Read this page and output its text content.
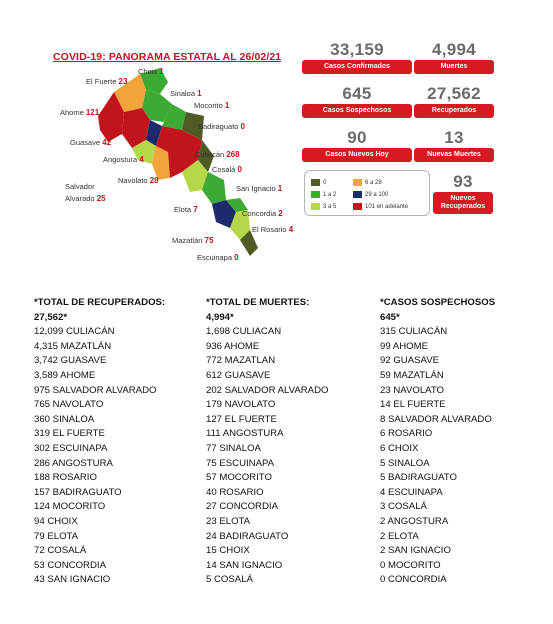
COVID-19: PANORAMA ESTATAL AL 26/02/21
Choix 1
El Fuerte 23
Sinaloa 1
Mocorito 1
Ahome 121
Badiraguato 0
Guasave 42
Angostura 4
Culiacán 268
Cosalá 0
Navolato 28
Salvador
Alvarado 25
San Ignacio 1
Elota 7	Concordia 2
El Rosario 4
Mazatlán 75
Escuinapa 0
33,159
Casos Confirmados
4,994
Muertes
645
Casos Sospechosos
27,562
Recuperados
90
Casos Nuevos Hoy
13
Nuevas Muertes
93
Nuevos Recuperados
0
1 a 2
3 a 5
6 a 28
29 a 100
101 en adelante
*TOTAL DE RECUPERADOS:
27,562*
12,099 CULIACÁN
4,315 MAZATLÁN
3,742 GUASAVE
3,589 AHOME
975 SALVADOR ALVARADO
765 NAVOLATO
360 SINALOA
319 EL FUERTE
302 ESCUINAPA
286 ANGOSTURA
188 ROSARIO
157 BADIRAGUATO
124 MOCORITO
94 CHOIX
79 ELOTA
72 COSALÁ
53 CONCORDIA
43 SAN IGNACIO
*TOTAL DE MUERTES:
4,994*
1,698 CULIACAN
936 AHOME
772 MAZATLAN
612 GUASAVE
202 SALVADOR ALVARADO
179 NAVOLATO
127 EL FUERTE
111 ANGOSTURA
77 SINALOA
75 ESCUINAPA
57 MOCORITO
40 ROSARIO
27 CONCORDIA
23 ELOTA
24 BADIRAGUATO
15 CHOIX
14 SAN IGNACIO
5 COSALÁ
*CASOS SOSPECHOSOS
645*
315 CULIACÁN
99 AHOME
92 GUASAVE
59 MAZATLÁN
23 NAVOLATO
14 EL FUERTE
8 SALVADOR ALVARADO
6 ROSARIO
6 CHOIX
5 SINALOA
5 BADIRAGUATO
4 ESCUINAPA
3 COSALÁ
2 ANGOSTURA
2 ELOTA
2 SAN IGNACIO
0 MOCORITO
0 CONCORDIA
